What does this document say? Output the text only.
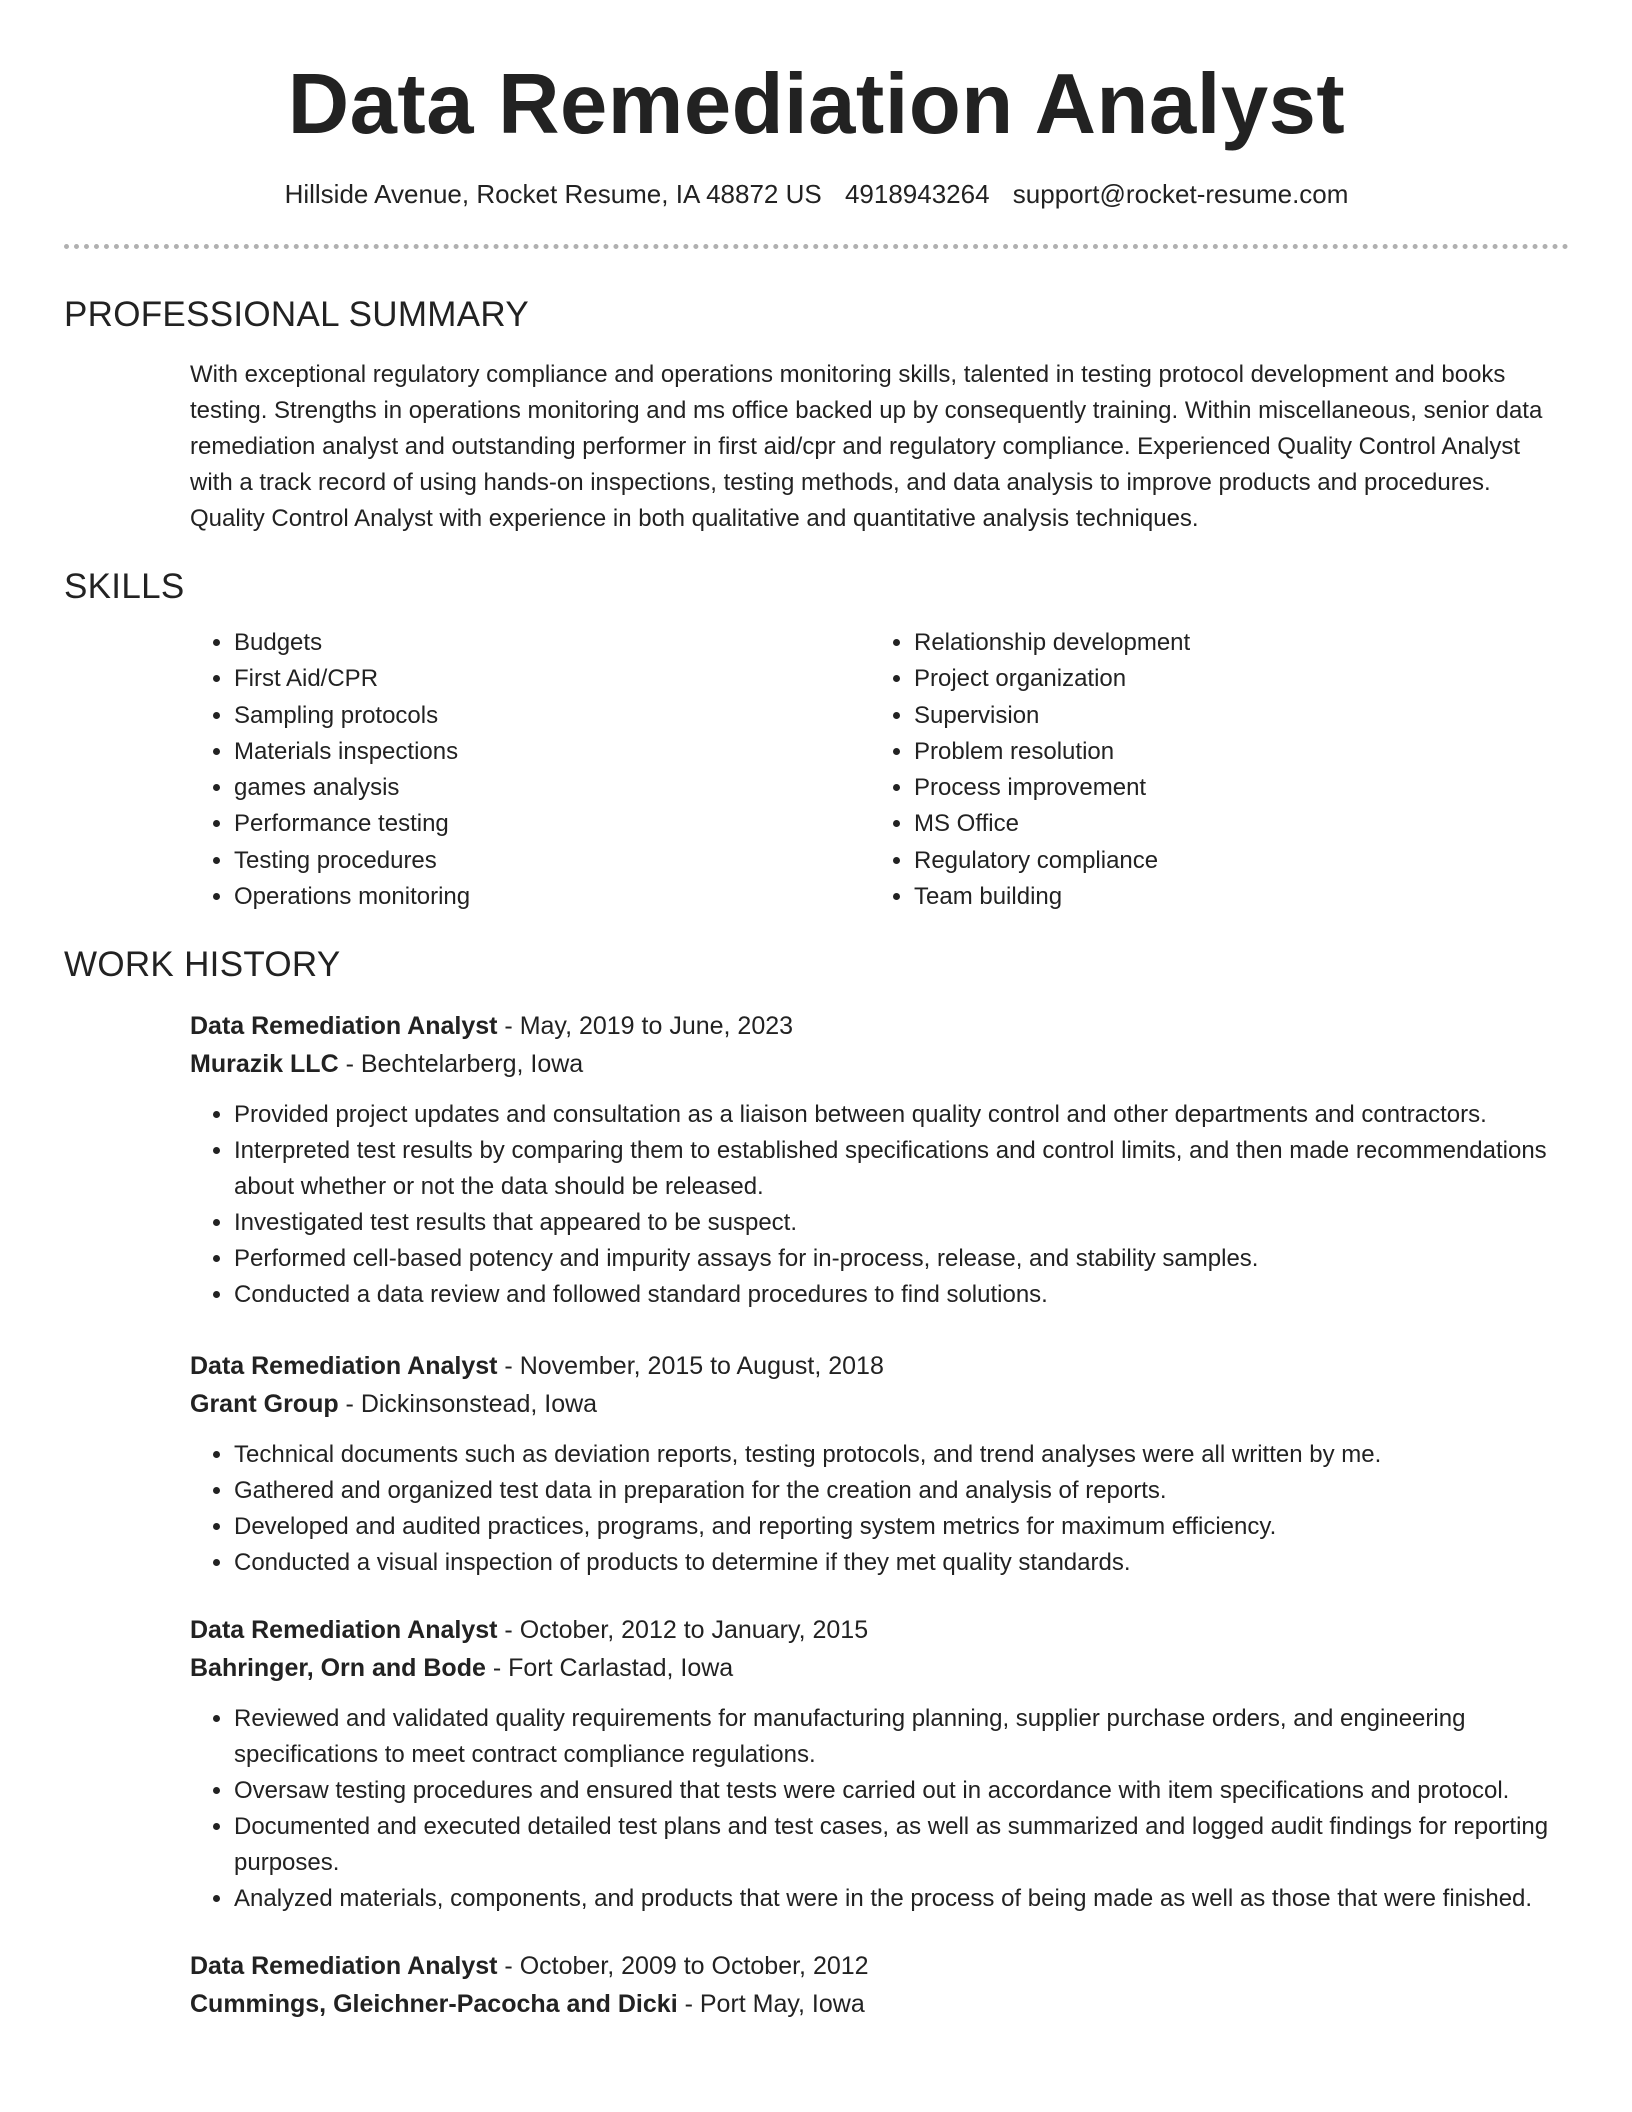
Data Remediation Analyst
Hillside Avenue, Rocket Resume, IA 48872 US 4918943264 support@rocket-resume.com
PROFESSIONAL SUMMARY
With exceptional regulatory compliance and operations monitoring skills, talented in testing protocol development and books testing. Strengths in operations monitoring and ms office backed up by consequently training. Within miscellaneous, senior data remediation analyst and outstanding performer in first aid/cpr and regulatory compliance. Experienced Quality Control Analyst with a track record of using hands-on inspections, testing methods, and data analysis to improve products and procedures. Quality Control Analyst with experience in both qualitative and quantitative analysis techniques.
SKILLS
• Budgets
• First Aid/CPR
• Sampling protocols
• Materials inspections
• games analysis
• Performance testing
• Testing procedures
• Operations monitoring
• Relationship development
• Project organization
• Supervision
• Problem resolution
• Process improvement
• MS Office
• Regulatory compliance
• Team building
WORK HISTORY
Data Remediation Analyst - May, 2019 to June, 2023
Murazik LLC - Bechtelarberg, Iowa
• Provided project updates and consultation as a liaison between quality control and other departments and contractors.
• Interpreted test results by comparing them to established specifications and control limits, and then made recommendations about whether or not the data should be released.
• Investigated test results that appeared to be suspect.
• Performed cell-based potency and impurity assays for in-process, release, and stability samples.
• Conducted a data review and followed standard procedures to find solutions.
Data Remediation Analyst - November, 2015 to August, 2018
Grant Group - Dickinsonstead, Iowa
• Technical documents such as deviation reports, testing protocols, and trend analyses were all written by me.
• Gathered and organized test data in preparation for the creation and analysis of reports.
• Developed and audited practices, programs, and reporting system metrics for maximum efficiency.
• Conducted a visual inspection of products to determine if they met quality standards.
Data Remediation Analyst - October, 2012 to January, 2015
Bahringer, Orn and Bode - Fort Carlastad, Iowa
• Reviewed and validated quality requirements for manufacturing planning, supplier purchase orders, and engineering specifications to meet contract compliance regulations.
• Oversaw testing procedures and ensured that tests were carried out in accordance with item specifications and protocol.
• Documented and executed detailed test plans and test cases, as well as summarized and logged audit findings for reporting purposes.
• Analyzed materials, components, and products that were in the process of being made as well as those that were finished.
Data Remediation Analyst - October, 2009 to October, 2012
Cummings, Gleichner-Pacocha and Dicki - Port May, Iowa
